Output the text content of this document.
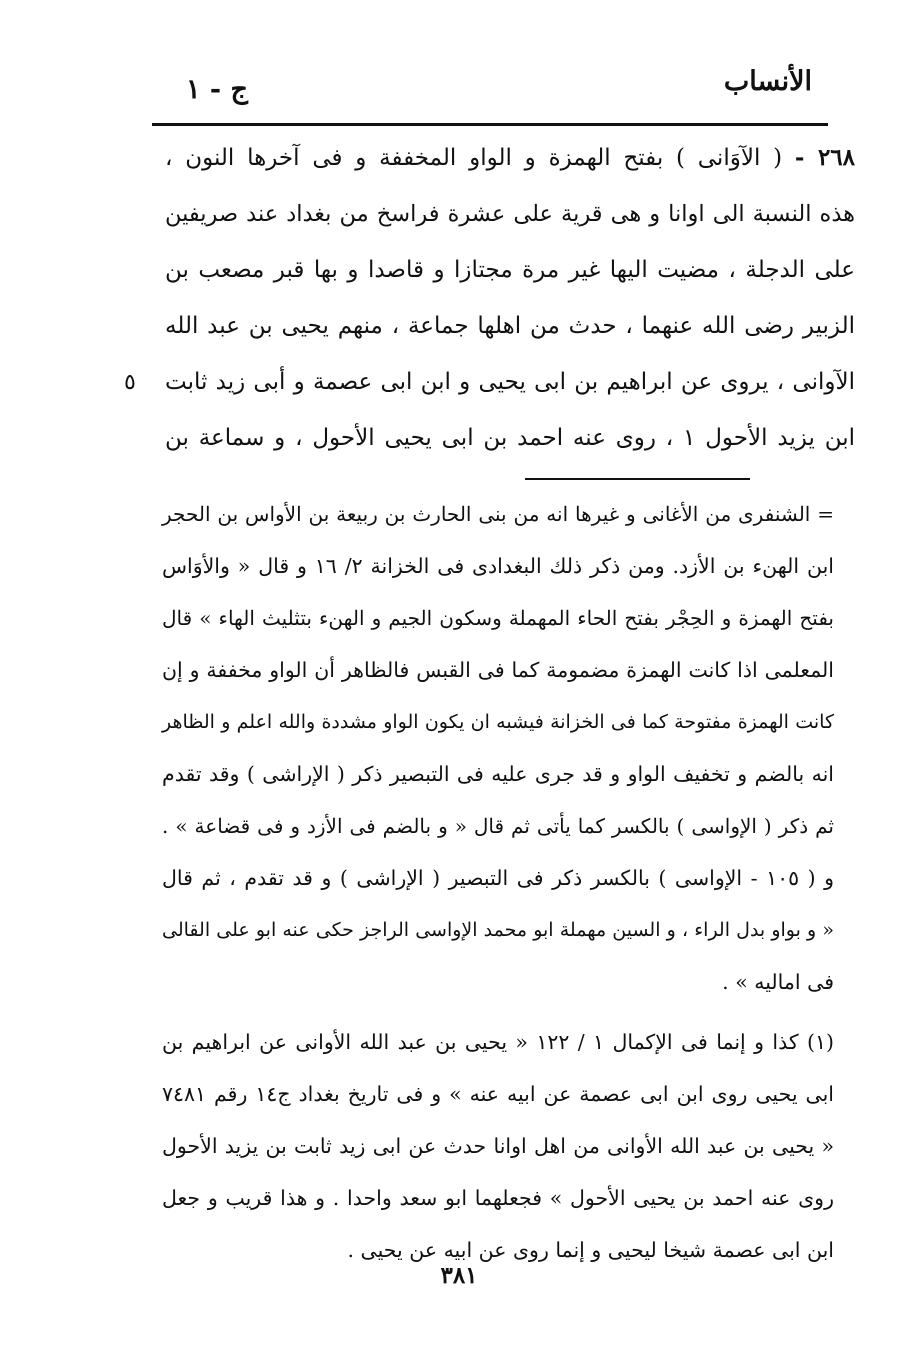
الأنساب
ج - ١
٢٦٨ - ( الآوَانى ) بفتح الهمزة و الواو المخففة و فى آخرها النون ،
هذه النسبة الى اوانا و هى قرية على عشرة فراسخ من بغداد عند صريفين
على الدجلة ، مضيت اليها غير مرة مجتازا و قاصدا و بها قبر مصعب بن
الزبير رضى الله عنهما ، حدث من اهلها جماعة ، منهم يحيى بن عبد الله
الآوانى ، يروى عن ابراهيم بن ابى يحيى و ابن ابى عصمة و أبى زيد ثابت
ابن يزيد الأحول ١ ، روى عنه احمد بن ابى يحيى الأحول ، و سماعة بن
٥
= الشنفرى من الأغانى و غيرها انه من بنى الحارث بن ربيعة بن الأواس بن الحجر
ابن الهنء بن الأزد. ومن ذكر ذلك البغدادى فى الخزانة ٢/ ١٦ و قال « والأوَاس
بفتح الهمزة و الحِجْر بفتح الحاء المهملة وسكون الجيم و الهنء بتثليث الهاء » قال
المعلمى اذا كانت الهمزة مضمومة كما فى القبس فالظاهر أن الواو مخففة و إن
كانت الهمزة مفتوحة كما فى الخزانة فيشبه ان يكون الواو مشددة والله اعلم و الظاهر
انه بالضم و تخفيف الواو و قد جرى عليه فى التبصير ذكر ( الإراشى ) وقد تقدم
ثم ذكر ( الإواسى ) بالكسر كما يأتى ثم قال « و بالضم فى الأزد و فى قضاعة » .
و ( ١٠٥ - الإواسى ) بالكسر ذكر فى التبصير ( الإراشى ) و قد تقدم ، ثم قال
« و بواو بدل الراء ، و السين مهملة ابو محمد الإواسى الراجز حكى عنه ابو على القالى
فى اماليه » .
(١) كذا و إنما فى الإكمال ١ / ١٢٢ « يحيى بن عبد الله الأوانى عن ابراهيم بن
ابى يحيى روى ابن ابى عصمة عن ابيه عنه » و فى تاريخ بغداد ج١٤ رقم ٧٤٨١
« يحيى بن عبد الله الأوانى من اهل اوانا حدث عن ابى زيد ثابت بن يزيد الأحول
روى عنه احمد بن يحيى الأحول » فجعلهما ابو سعد واحدا . و هذا قريب و جعل
ابن ابى عصمة شيخا ليحيى و إنما روى عن ابيه عن يحيى .
٣٨١
